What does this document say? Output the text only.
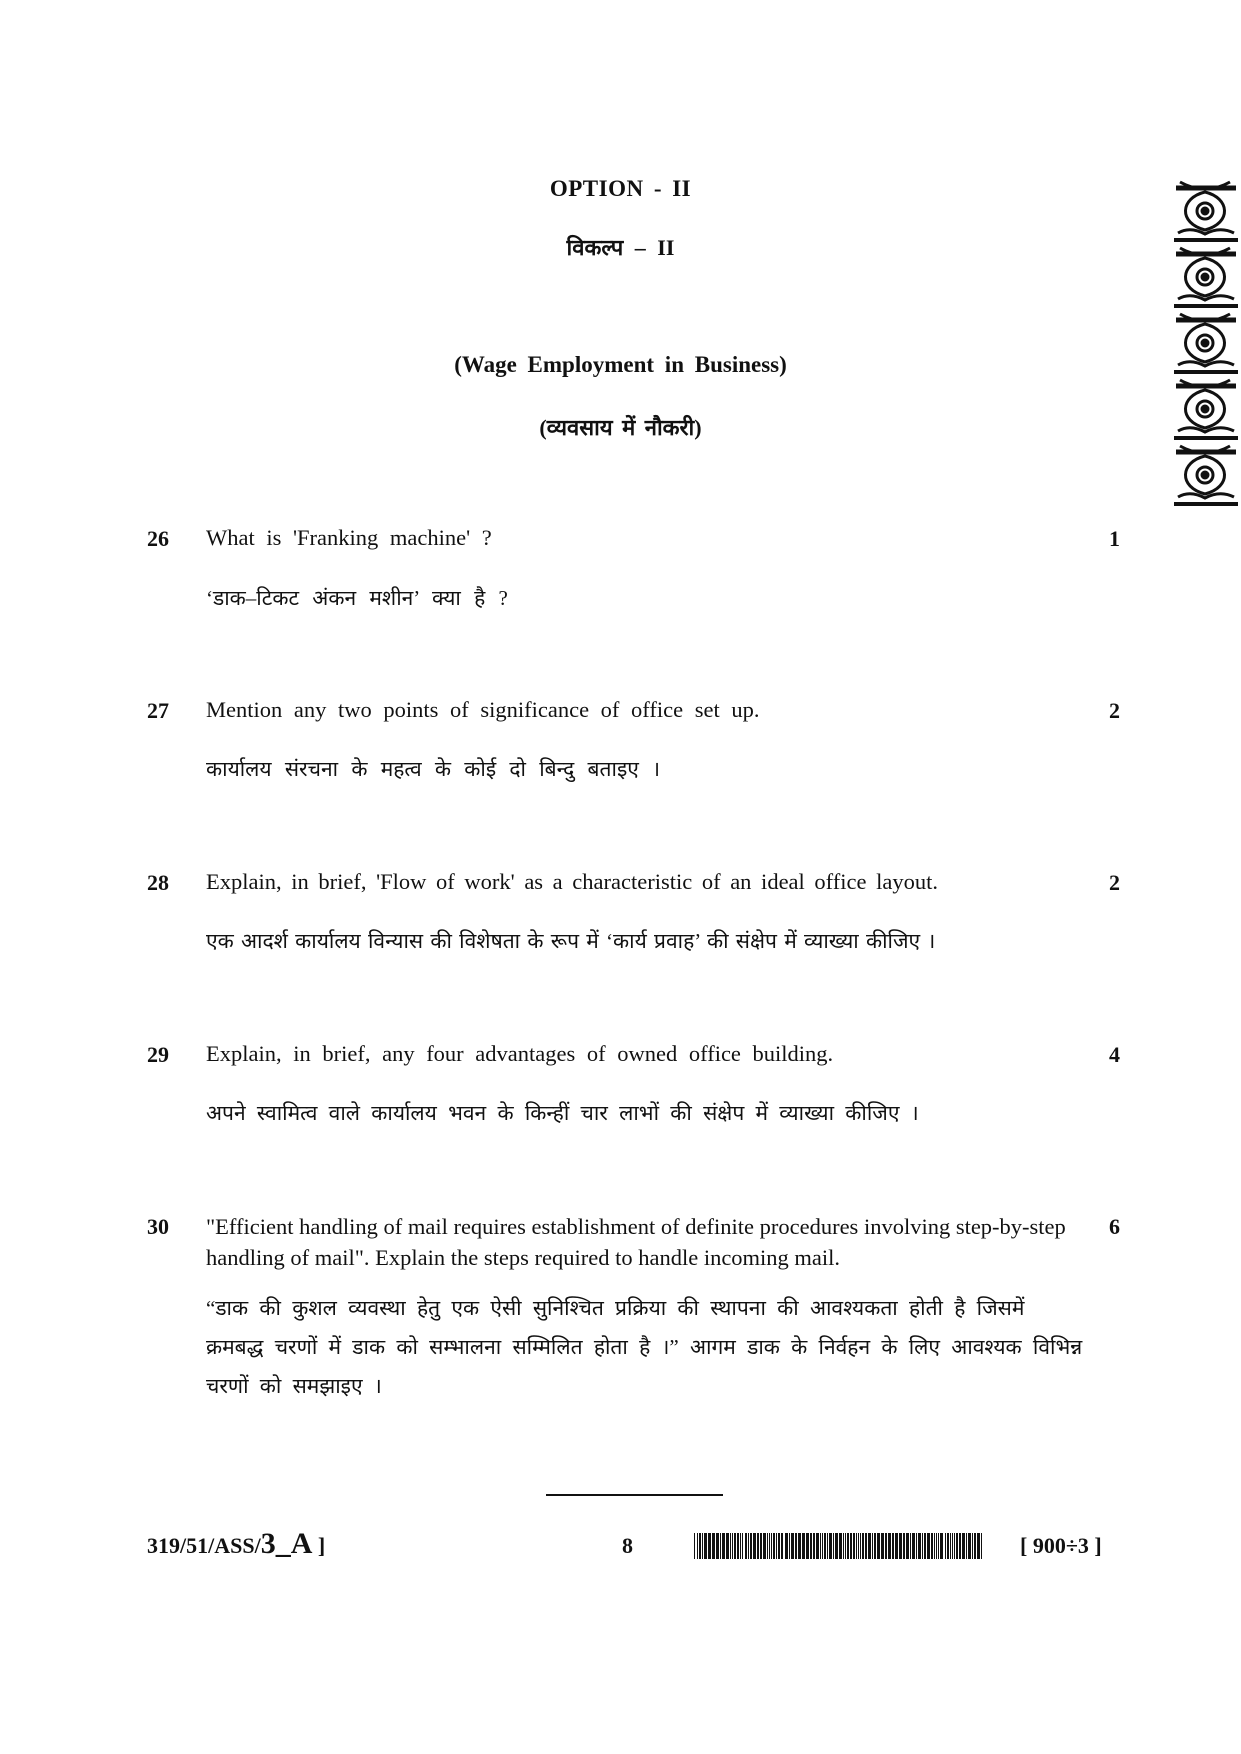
OPTION - II
विकल्प – II
(Wage Employment in Business)
(व्यवसाय में नौकरी)
26 What is 'Franking machine' ?	1
‘डाक–टिकट अंकन मशीन’ क्या है ?
27 Mention any two points of significance of office set up.	2
कार्यालय संरचना के महत्व के कोई दो बिन्दु बताइए ।
28 Explain, in brief, 'Flow of work' as a characteristic of an ideal office layout.	2
एक आदर्श कार्यालय विन्यास की विशेषता के रूप में ‘कार्य प्रवाह’ की संक्षेप में व्याख्या कीजिए ।
29 Explain, in brief, any four advantages of owned office building.	4
अपने स्वामित्व वाले कार्यालय भवन के किन्हीं चार लाभों की संक्षेप में व्याख्या कीजिए ।
30 "Efficient handling of mail requires establishment of definite procedures involving step-by-step handling of mail". Explain the steps required to handle incoming mail.
6
“डाक की कुशल व्यवस्था हेतु एक ऐसी सुनिश्चित प्रक्रिया की स्थापना की आवश्यकता होती है जिसमें क्रमबद्ध चरणों में डाक को सम्भालना सम्मिलित होता है ।” आगम डाक के निर्वहन के लिए आवश्यक विभिन्न चरणों को समझाइए ।
319/51/ASS/3_A ]	8	[ 900÷3 ]
